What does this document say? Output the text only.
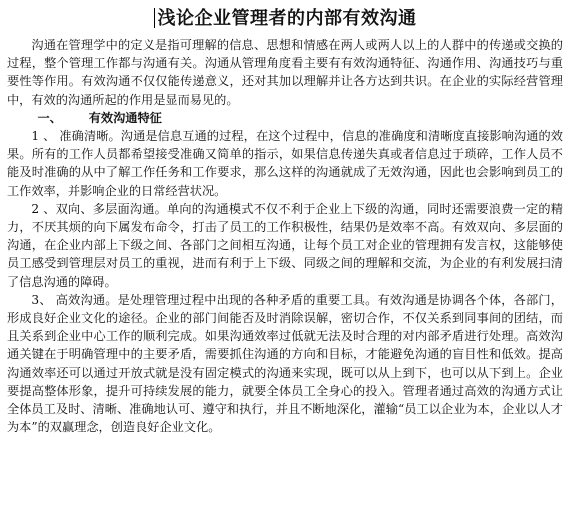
浅论企业管理者的内部有效沟通

沟通在管理学中的定义是指可理解的信息、思想和情感在两人或两人以上的人群中的传递或交换的过程，整个管理工作都与沟通有关。沟通从管理角度看主要有有效沟通特征、沟通作用、沟通技巧与重要性等作用。有效沟通不仅仅能传递意义，还对其加以理解并让各方达到共识。在企业的实际经营管理中，有效的沟通所起的作用是显而易见的。

一、 有效沟通特征

1 、 准确清晰。沟通是信息互通的过程，在这个过程中，信息的准确度和清晰度直接影响沟通的效果。所有的工作人员都希望接受准确又简单的指示，如果信息传递失真或者信息过于琐碎，工作人员不能及时准确的从中了解工作任务和工作要求，那么这样的沟通就成了无效沟通，因此也会影响到员工的工作效率，并影响企业的日常经营状况。

2 、双向、多层面沟通。单向的沟通模式不仅不利于企业上下级的沟通，同时还需要浪费一定的精力，不厌其烦的向下属发布命令，打击了员工的工作积极性，结果仍是效率不高。有效双向、多层面的沟通，在企业内部上下级之间、各部门之间相互沟通，让每个员工对企业的管理拥有发言权，这能够使员工感受到管理层对员工的重视，进而有利于上下级、同级之间的理解和交流，为企业的有利发展扫清了信息沟通的障碍。

3、 高效沟通。是处理管理过程中出现的各种矛盾的重要工具。有效沟通是协调各个体，各部门，形成良好企业文化的途径。企业的部门间能否及时消除误解，密切合作，不仅关系到同事间的团结，而且关系到企业中心工作的顺利完成。如果沟通效率过低就无法及时合理的对内部矛盾进行处理。高效沟通关键在于明确管理中的主要矛盾，需要抓住沟通的方向和目标，才能避免沟通的盲目性和低效。提高沟通效率还可以通过开放式就是没有固定模式的沟通来实现，既可以从上到下，也可以从下到上。企业要提高整体形象，提升可持续发展的能力，就要全体员工全身心的投入。管理者通过高效的沟通方式让全体员工及时、清晰、准确地认可、遵守和执行，并且不断地深化，灌输“员工以企业为本，企业以人才为本”的双赢理念，创造良好企业文化。
